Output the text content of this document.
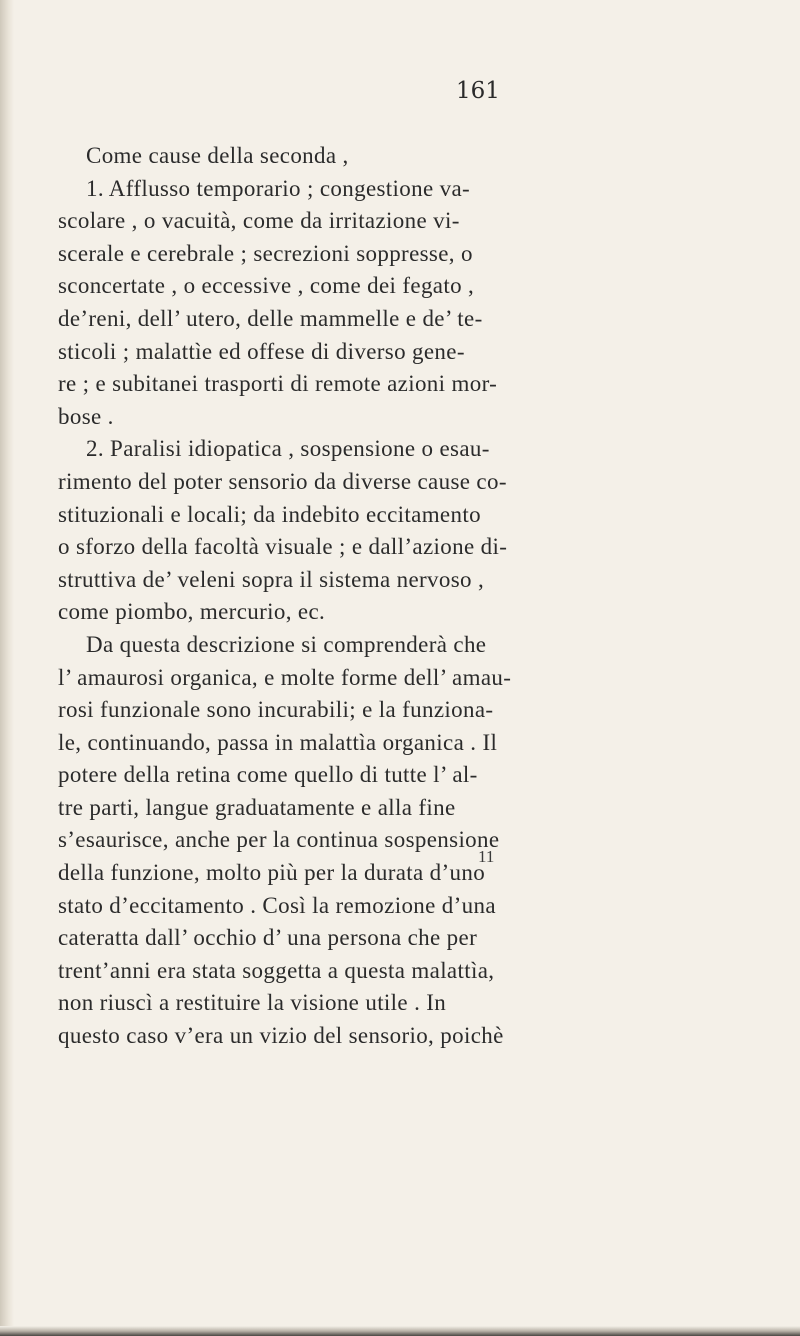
161
Come cause della seconda ,
1. Afflusso temporario ; congestione va-
scolare , o vacuità, come da irritazione vi-
scerale e cerebrale ; secrezioni soppresse, o
sconcertate , o eccessive , come dei fegato ,
de’reni, dell’ utero, delle mammelle e de’ te-
sticoli ; malattìe ed offese di diverso gene-
re ; e subitanei trasporti di remote azioni mor-
bose .
2. Paralisi idiopatica , sospensione o esau-
rimento del poter sensorio da diverse cause co-
stituzionali e locali; da indebito eccitamento
o sforzo della facoltà visuale ; e dall’azione di-
struttiva de’ veleni sopra il sistema nervoso ,
come piombo, mercurio, ec.
Da questa descrizione si comprenderà che
l’ amaurosi organica, e molte forme dell’ amau-
rosi funzionale sono incurabili; e la funziona-
le, continuando, passa in malattìa organica . Il
potere della retina come quello di tutte l’ al-
tre parti, langue graduatamente e alla fine
s’esaurisce, anche per la continua sospensione
della funzione, molto più per la durata d’uno
stato d’eccitamento . Così la remozione d’una
cateratta dall’ occhio d’ una persona che per
trent’anni era stata soggetta a questa malattìa,
non riuscì a restituire la visione utile . In
questo caso v’era un vizio del sensorio, poichè
11
